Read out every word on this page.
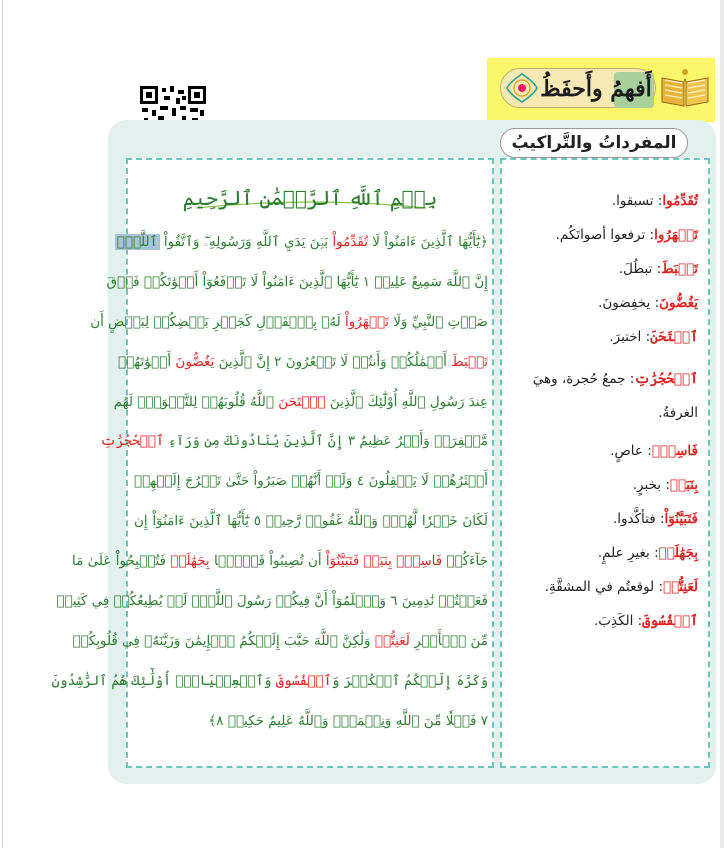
أَفهمُ وأَحفَظُ
المفرداتُ والتَّراكيبُ
بِسۡمِ ٱللَّهِ ٱلرَّحۡمَٰنِ ٱلرَّحِيمِ
﴿يَٰٓأَيُّهَا ٱلَّذِينَ ءَامَنُواْ لَا تُقَدِّمُواْ بَيۡنَ يَدَيِ ٱللَّهِ وَرَسُولِهِۦۖ وَٱتَّقُواْ ٱللَّهَۚ
إِنَّ ٱللَّهَ سَمِيعٌ عَلِيمٞ ١ يَٰٓأَيُّهَا ٱلَّذِينَ ءَامَنُواْ لَا تَرۡفَعُوٓاْ أَصۡوَٰتَكُمۡ فَوۡقَ
صَوۡتِ ٱلنَّبِيِّ وَلَا تَجۡهَرُواْ لَهُۥ بِٱلۡقَوۡلِ كَجَهۡرِ بَعۡضِكُمۡ لِبَعۡضٍ أَن
تَحۡبَطَ أَعۡمَٰلُكُمۡ وَأَنتُمۡ لَا تَشۡعُرُونَ ٢ إِنَّ ٱلَّذِينَ يَغُضُّونَ أَصۡوَٰتَهُمۡ
عِندَ رَسُولِ ٱللَّهِ أُوْلَٰٓئِكَ ٱلَّذِينَ ٱمۡتَحَنَ ٱللَّهُ قُلُوبَهُمۡ لِلتَّقۡوَىٰۚ لَهُم
مَّغۡفِرَةٞ وَأَجۡرٌ عَظِيمٌ ٣ إِنَّ ٱلَّذِينَ يُنَادُونَكَ مِن وَرَآءِ ٱلۡحُجُرَٰتِ
أَكۡثَرُهُمۡ لَا يَعۡقِلُونَ ٤ وَلَوۡ أَنَّهُمۡ صَبَرُواْ حَتَّىٰ تَخۡرُجَ إِلَيۡهِمۡ
لَكَانَ خَيۡرٗا لَّهُمۡۚ وَٱللَّهُ غَفُورٞ رَّحِيمٞ ٥ يَٰٓأَيُّهَا ٱلَّذِينَ ءَامَنُوٓاْ إِن
جَآءَكُمۡ فَاسِقُۢ بِنَبَإٖ فَتَبَيَّنُوٓاْ أَن تُصِيبُواْ قَوۡمَۢا بِجَهَٰلَةٖ فَتُصۡبِحُواْ عَلَىٰ مَا
فَعَلۡتُمۡ نَٰدِمِينَ ٦ وَٱعۡلَمُوٓاْ أَنَّ فِيكُمۡ رَسُولَ ٱللَّهِۚ لَوۡ يُطِيعُكُمۡ فِي كَثِيرٖ
مِّنَ ٱلۡأَمۡرِ لَعَنِتُّمۡ وَلَٰكِنَّ ٱللَّهَ حَبَّبَ إِلَيۡكُمُ ٱلۡإِيمَٰنَ وَزَيَّنَهُۥ فِي قُلُوبِكُمۡ
وَكَرَّهَ إِلَيۡكُمُ ٱلۡكُفۡرَ وَٱلۡفُسُوقَ وَٱلۡعِصۡيَانَۚ أُوْلَٰٓئِكَ هُمُ ٱلرَّٰشِدُونَ
٧ فَضۡلٗا مِّنَ ٱللَّهِ وَنِعۡمَةٗۚ وَٱللَّهُ عَلِيمٌ حَكِيمٞ ٨﴾
تُقَدِّمُوا: تسبقوا.
تَجۡهَرُوا: ترفعوا أصواتَكُم.
تَحۡبَطَ: تبطُلَ.
يَغُضُّونَ: يخفِضونَ.
ٱمۡتَحَنَ: اختبرَ.
ٱلۡحُجُرَٰتِ: جمعُ حُجرة، وهيَ الغرفةُ.
فَاسِقُۢ: عاصٍ.
بِنَبَإٖ: بخبرٍ.
فَتَبَيَّنُوٓاْ: فتأكَّدوا.
بِجَهَٰلَةٖ: بغيرِ علمٍ.
لَعَنِتُّمۡ: لوقعتُم في المشقَّةِ.
ٱلۡفُسُوقَ: الكَذِبَ.
